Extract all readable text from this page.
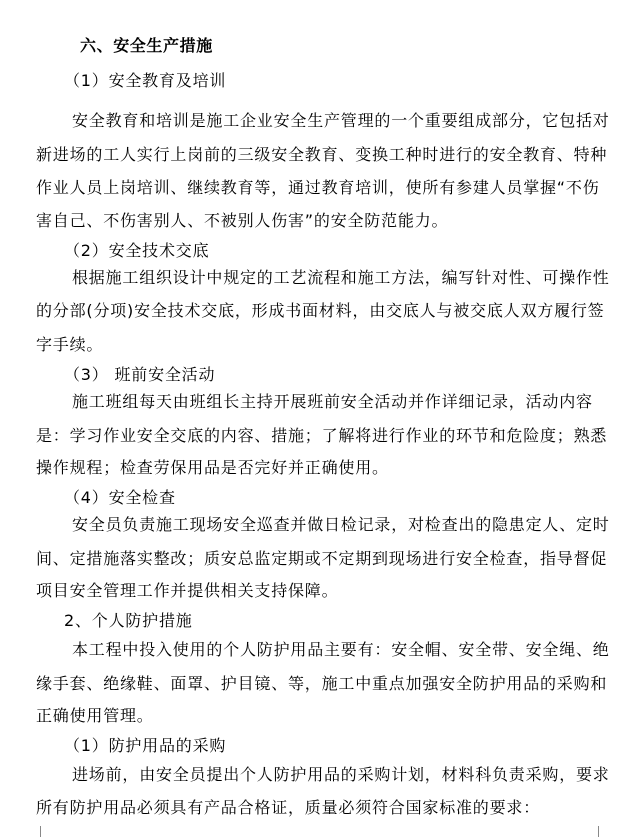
六、安全生产措施
（1）安全教育及培训
安全教育和培训是施工企业安全生产管理的一个重要组成部分，它包括对
新进场的工人实行上岗前的三级安全教育、变换工种时进行的安全教育、特种
作业人员上岗培训、继续教育等，通过教育培训，使所有参建人员掌握“不伤
害自己、不伤害别人、不被别人伤害”的安全防范能力。
（2）安全技术交底
根据施工组织设计中规定的工艺流程和施工方法，编写针对性、可操作性
的分部(分项)安全技术交底，形成书面材料，由交底人与被交底人双方履行签
字手续。
（3） 班前安全活动
施工班组每天由班组长主持开展班前安全活动并作详细记录，活动内容
是：学习作业安全交底的内容、措施；了解将进行作业的环节和危险度；熟悉
操作规程；检查劳保用品是否完好并正确使用。
（4）安全检查
安全员负责施工现场安全巡查并做日检记录，对检查出的隐患定人、定时
间、定措施落实整改；质安总监定期或不定期到现场进行安全检查，指导督促
项目安全管理工作并提供相关支持保障。
2、个人防护措施
本工程中投入使用的个人防护用品主要有：安全帽、安全带、安全绳、绝
缘手套、绝缘鞋、面罩、护目镜、等，施工中重点加强安全防护用品的采购和
正确使用管理。
（1）防护用品的采购
进场前，由安全员提出个人防护用品的采购计划，材料科负责采购，要求
所有防护用品必须具有产品合格证，质量必须符合国家标准的要求：
